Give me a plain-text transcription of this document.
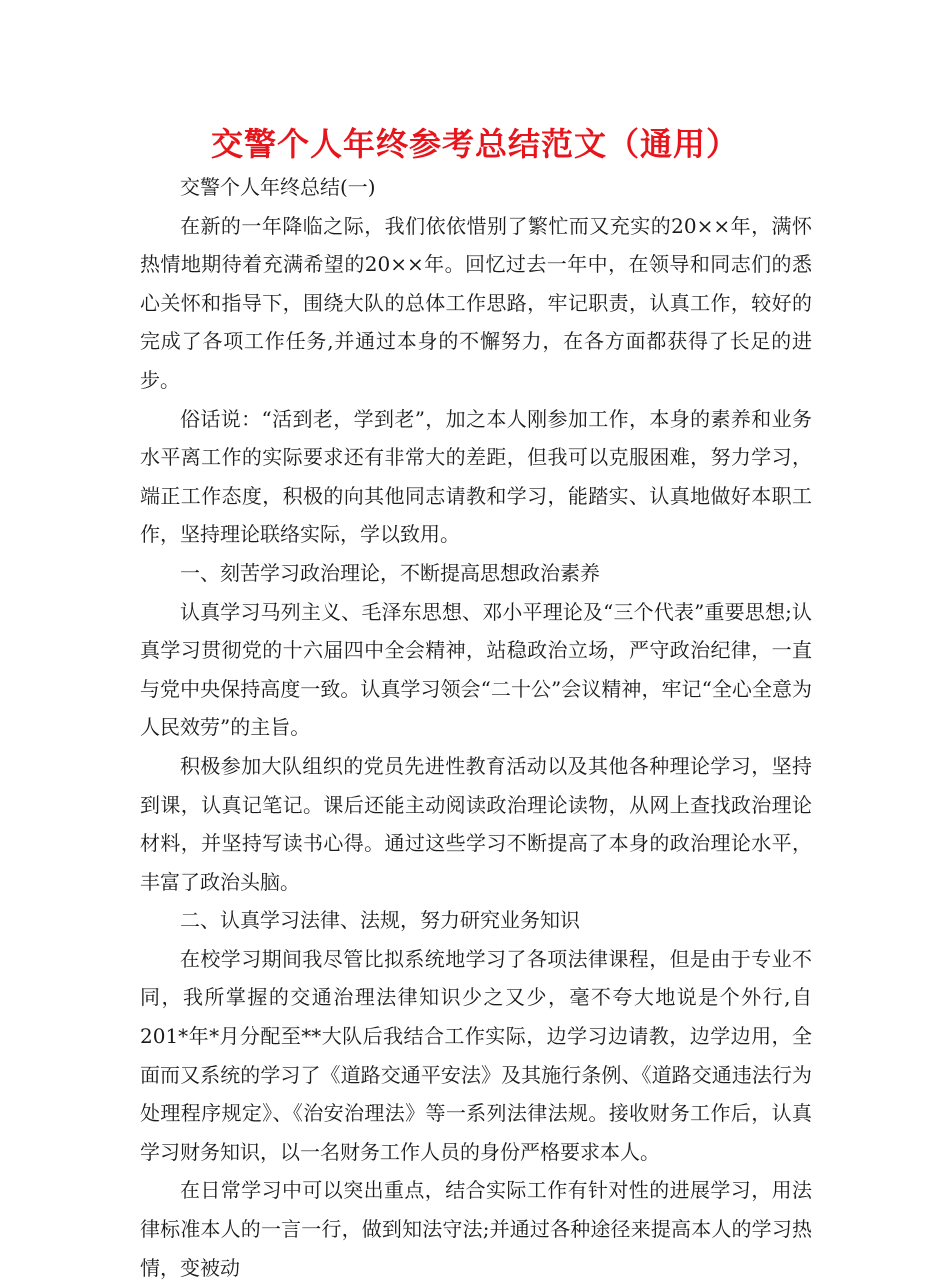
交警个人年终参考总结范文（通用）

交警个人年终总结(一)

在新的一年降临之际，我们依依惜别了繁忙而又充实的20××年，满怀热情地期待着充满希望的20××年。回忆过去一年中，在领导和同志们的悉心关怀和指导下，围绕大队的总体工作思路，牢记职责，认真工作，较好的完成了各项工作任务,并通过本身的不懈努力，在各方面都获得了长足的进步。

俗话说：“活到老，学到老”，加之本人刚参加工作，本身的素养和业务水平离工作的实际要求还有非常大的差距，但我可以克服困难，努力学习，端正工作态度，积极的向其他同志请教和学习，能踏实、认真地做好本职工作，坚持理论联络实际，学以致用。

一、刻苦学习政治理论，不断提高思想政治素养

认真学习马列主义、毛泽东思想、邓小平理论及“三个代表”重要思想;认真学习贯彻党的十六届四中全会精神，站稳政治立场，严守政治纪律，一直与党中央保持高度一致。认真学习领会“二十公”会议精神，牢记“全心全意为人民效劳”的主旨。

积极参加大队组织的党员先进性教育活动以及其他各种理论学习，坚持到课，认真记笔记。课后还能主动阅读政治理论读物，从网上查找政治理论材料，并坚持写读书心得。通过这些学习不断提高了本身的政治理论水平，丰富了政治头脑。

二、认真学习法律、法规，努力研究业务知识

在校学习期间我尽管比拟系统地学习了各项法律课程，但是由于专业不同，我所掌握的交通治理法律知识少之又少，毫不夸大地说是个外行,自201*年*月分配至**大队后我结合工作实际，边学习边请教，边学边用，全面而又系统的学习了《道路交通平安法》及其施行条例、《道路交通违法行为处理程序规定》、《治安治理法》等一系列法律法规。接收财务工作后，认真学习财务知识，以一名财务工作人员的身份严格要求本人。

在日常学习中可以突出重点，结合实际工作有针对性的进展学习，用法律标准本人的一言一行，做到知法守法;并通过各种途径来提高本人的学习热情，变被动
